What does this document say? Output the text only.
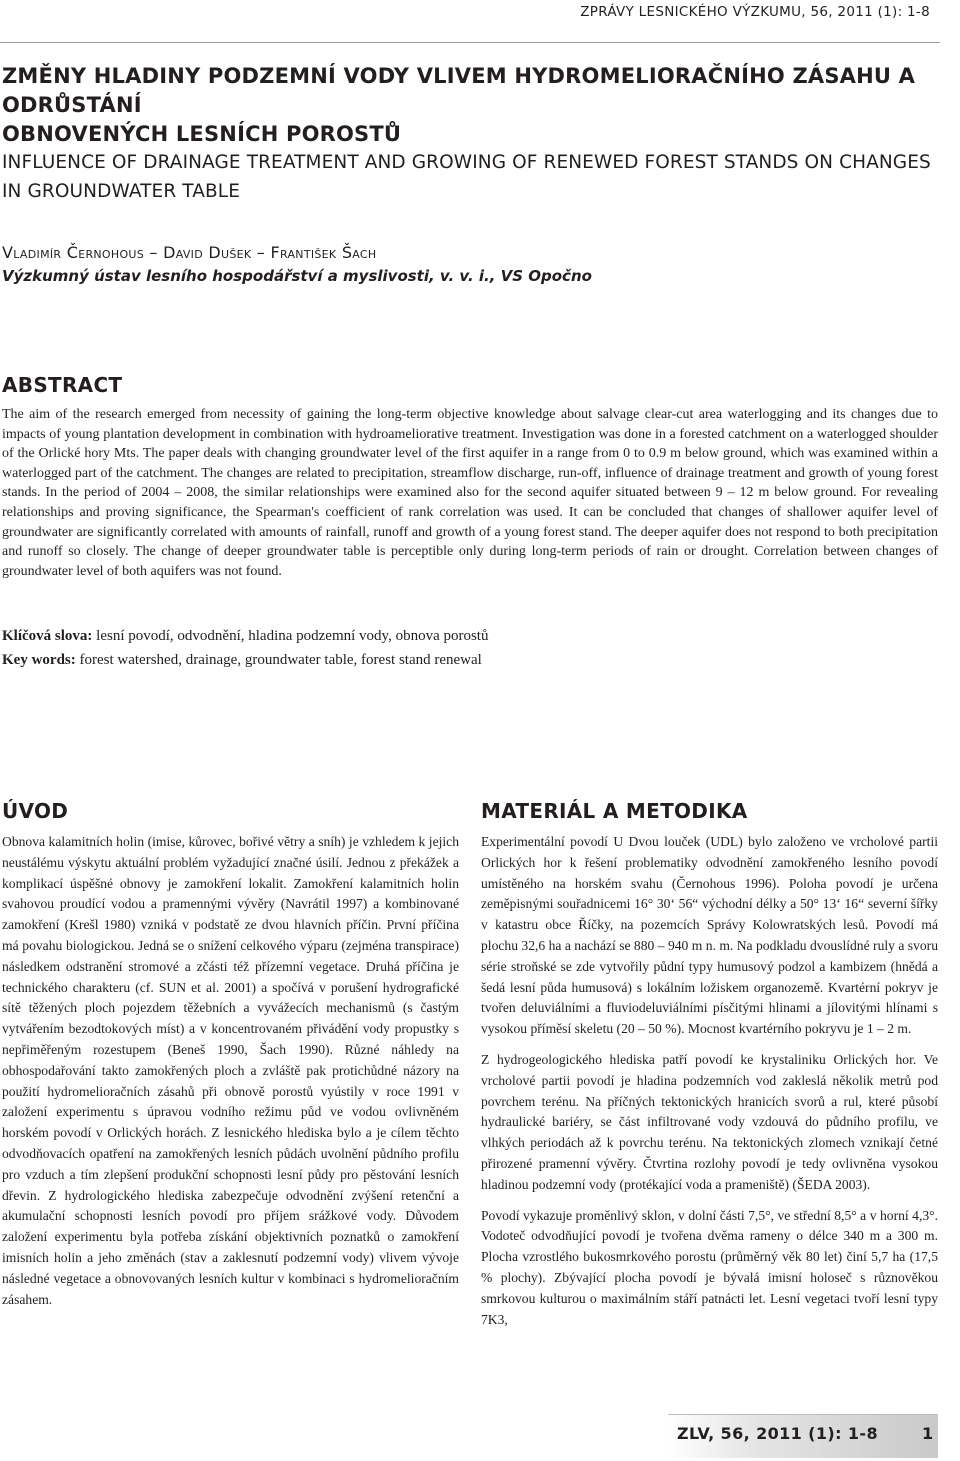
ZPRÁVY LESNICKÉHO VÝZKUMU, 56, 2011 (1): 1-8
ZMĚNY HLADINY PODZEMNÍ VODY VLIVEM HYDROMELIORAČNÍHO ZÁSAHU A ODRŮSTÁNÍ
OBNOVENÝCH LESNÍCH POROSTŮ
INFLUENCE OF DRAINAGE TREATMENT AND GROWING OF RENEWED FOREST STANDS ON CHANGES
IN GROUNDWATER TABLE
Vladimír Černohous – David Dušek – František Šach
Výzkumný ústav lesního hospodářství a myslivosti, v. v. i., VS Opočno
ABSTRACT
The aim of the research emerged from necessity of gaining the long-term objective knowledge about salvage clear-cut area waterlogging and its changes due to impacts of young plantation development in combination with hydroameliorative treatment. Investigation was done in a forested catchment on a waterlogged shoulder of the Orlické hory Mts. The paper deals with changing groundwater level of the first aquifer in a range from 0 to 0.9 m below ground, which was examined within a waterlogged part of the catchment. The changes are related to precipitation, streamflow discharge, run-off, influence of drainage treatment and growth of young forest stands. In the period of 2004 – 2008, the similar relationships were examined also for the second aquifer situated between 9 – 12 m below ground. For revealing relationships and proving significance, the Spearman's coefficient of rank correlation was used. It can be concluded that changes of shallower aquifer level of groundwater are significantly correlated with amounts of rainfall, runoff and growth of a young forest stand. The deeper aquifer does not respond to both precipitation and runoff so closely. The change of deeper groundwater table is perceptible only during long-term periods of rain or drought. Correlation between changes of groundwater level of both aquifers was not found.
Klíčová slova: lesní povodí, odvodnění, hladina podzemní vody, obnova porostů
Key words: forest watershed, drainage, groundwater table, forest stand renewal
ÚVOD

Obnova kalamitních holin (imise, kůrovec, bořivé větry a sníh) je vzhledem k jejich neustálému výskytu aktuální problém vyžadující značné úsilí. Jednou z překážek a komplikací úspěšné obnovy je zamokření lokalit. Zamokření kalamitních holin svahovou proudící vodou a pramennými vývěry (Navrátil 1997) a kombinované zamokření (Krešl 1980) vzniká v podstatě ze dvou hlavních příčin. První příčina má povahu biologickou. Jedná se o snížení celkového výparu (zejména transpirace) následkem odstranění stromové a zčásti též přízemní vegetace. Druhá příčina je technického charakteru (cf. SUN et al. 2001) a spočívá v porušení hydrografické sítě těžených ploch pojezdem těžebních a vyvážecích mechanismů (s častým vytvářením bezodtokových míst) a v koncentrovaném přivádění vody propustky s nepřiměřeným rozestupem (Beneš 1990, Šach 1990). Různé náhledy na obhospodařování takto zamokřených ploch a zvláště pak protichůdné názory na použití hydromelioračních zásahů při obnově porostů vyústily v roce 1991 v založení experimentu s úpravou vodního režimu půd ve vodou ovlivněném horském povodí v Orlických horách. Z lesnického hlediska bylo a je cílem těchto odvodňovacích opatření na zamokřených lesních půdách uvolnění půdního profilu pro vzduch a tím zlepšení produkční schopnosti lesní půdy pro pěstování lesních dřevin. Z hydrologického hlediska zabezpečuje odvodnění zvýšení retenční a akumulační schopnosti lesních povodí pro příjem srážkové vody. Důvodem založení experimentu byla potřeba získání objektivních poznatků o zamokření imisních holin a jeho změnách (stav a zaklesnutí podzemní vody) vlivem vývoje následné vegetace a obnovovaných lesních kultur v kombinaci s hydromelioračním zásahem.

MATERIÁL A METODIKA

Experimentální povodí U Dvou louček (UDL) bylo založeno ve vrcholové partii Orlických hor k řešení problematiky odvodnění zamokřeného lesního povodí umístěného na horském svahu (Černohous 1996). Poloha povodí je určena zeměpisnými souřadnicemi 16° 30‘ 56“ východní délky a 50° 13‘ 16“ severní šířky v katastru obce Říčky, na pozemcích Správy Kolowratských lesů. Povodí má plochu 32,6 ha a nachází se 880 – 940 m n. m. Na podkladu dvouslídné ruly a svoru série stroňské se zde vytvořily půdní typy humusový podzol a kambizem (hnědá a šedá lesní půda humusová) s lokálním ložiskem organozemě. Kvartérní pokryv je tvořen deluviálními a fluviodeluviálními písčitými hlinami a jílovitými hlínami s vysokou příměsí skeletu (20 – 50 %). Mocnost kvartérního pokryvu je 1 – 2 m.

Z hydrogeologického hlediska patří povodí ke krystaliniku Orlických hor. Ve vrcholové partii povodí je hladina podzemních vod zakleslá několik metrů pod povrchem terénu. Na příčných tektonických hranicích svorů a rul, které působí hydraulické bariéry, se část infiltrované vody vzdouvá do půdního profilu, ve vlhkých periodách až k povrchu terénu. Na tektonických zlomech vznikají četné přirozené pramenní vývěry. Čtvrtina rozlohy povodí je tedy ovlivněna vysokou hladinou podzemní vody (protékající voda a prameniště) (ŠEDA 2003).

Povodí vykazuje proměnlivý sklon, v dolní části 7,5°, ve střední 8,5° a v horní 4,3°. Vodoteč odvodňující povodí je tvořena dvěma rameny o délce 340 m a 300 m. Plocha vzrostlého bukosmrkového porostu (průměrný věk 80 let) činí 5,7 ha (17,5 % plochy). Zbývající plocha povodí je bývalá imisní holoseč s různověkou smrkovou kulturou o maximálním stáří patnácti let. Lesní vegetaci tvoří lesní typy 7K3,

ZLV, 56, 2011 (1): 1-8	1
